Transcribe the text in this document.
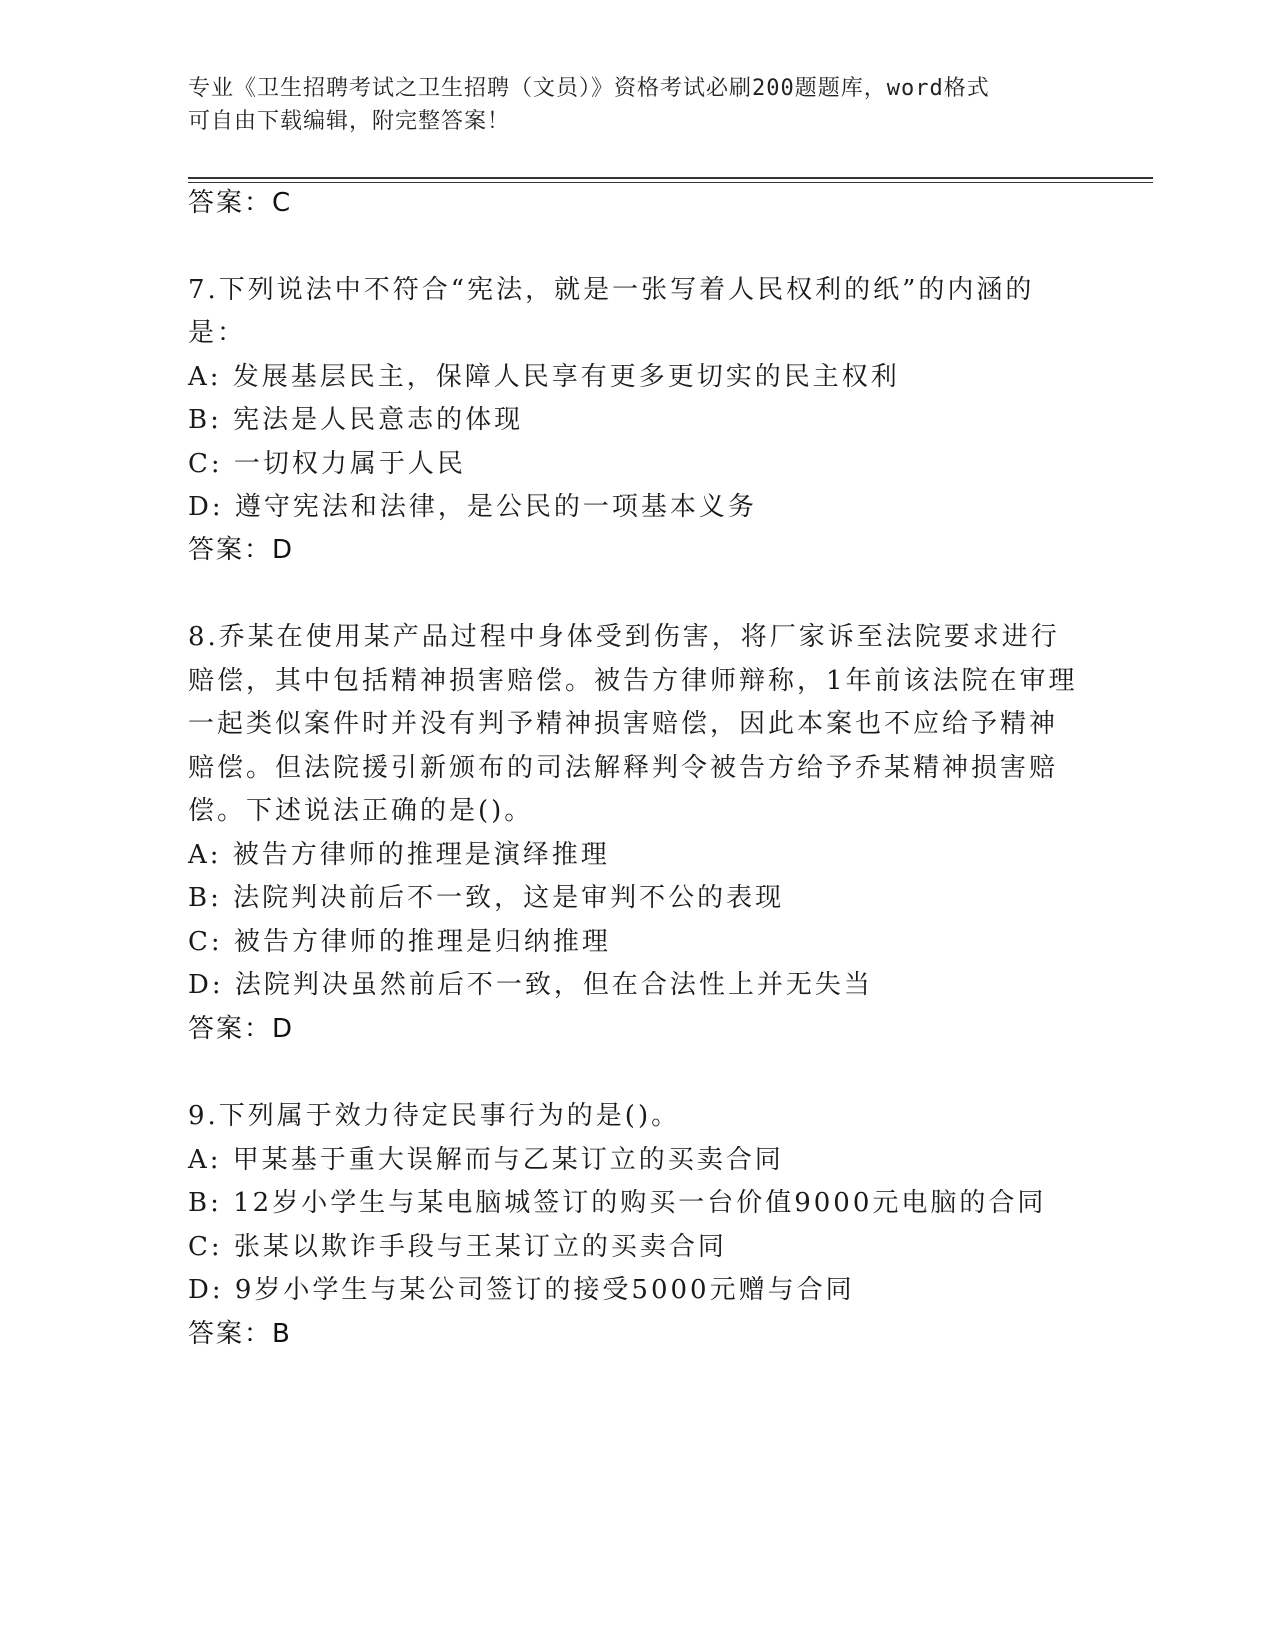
专业《卫生招聘考试之卫生招聘（文员）》资格考试必刷200题题库，word格式
可自由下载编辑，附完整答案！
答案：C
7.下列说法中不符合“宪法，就是一张写着人民权利的纸”的内涵的
是：
A: 发展基层民主，保障人民享有更多更切实的民主权利
B: 宪法是人民意志的体现
C: 一切权力属于人民
D: 遵守宪法和法律，是公民的一项基本义务
答案：D
8.乔某在使用某产品过程中身体受到伤害，将厂家诉至法院要求进行
赔偿，其中包括精神损害赔偿。被告方律师辩称，1年前该法院在审理
一起类似案件时并没有判予精神损害赔偿，因此本案也不应给予精神
赔偿。但法院援引新颁布的司法解释判令被告方给予乔某精神损害赔
偿。下述说法正确的是()。
A: 被告方律师的推理是演绎推理
B: 法院判决前后不一致，这是审判不公的表现
C: 被告方律师的推理是归纳推理
D: 法院判决虽然前后不一致，但在合法性上并无失当
答案：D
9.下列属于效力待定民事行为的是()。
A: 甲某基于重大误解而与乙某订立的买卖合同
B: 12岁小学生与某电脑城签订的购买一台价值9000元电脑的合同
C: 张某以欺诈手段与王某订立的买卖合同
D: 9岁小学生与某公司签订的接受5000元赠与合同
答案：B
